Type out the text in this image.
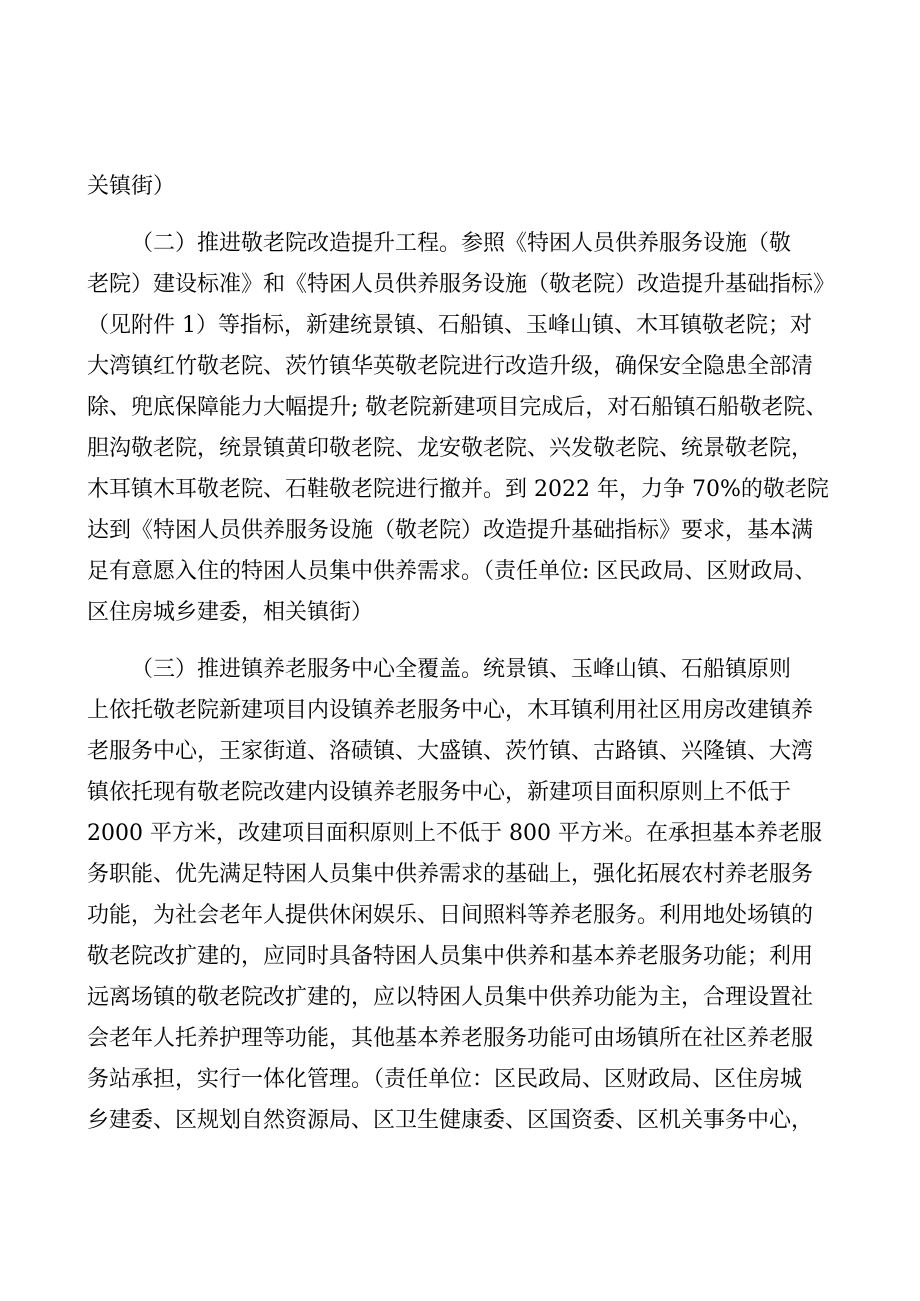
关镇街）
（二）推进敬老院改造提升工程。参照《特困人员供养服务设施（敬
老院）建设标准》和《特困人员供养服务设施（敬老院）改造提升基础指标》
（见附件 1）等指标，新建统景镇、石船镇、玉峰山镇、木耳镇敬老院；对
大湾镇红竹敬老院、茨竹镇华英敬老院进行改造升级，确保安全隐患全部清
除、兜底保障能力大幅提升; 敬老院新建项目完成后，对石船镇石船敬老院、
胆沟敬老院，统景镇黄印敬老院、龙安敬老院、兴发敬老院、统景敬老院，
木耳镇木耳敬老院、石鞋敬老院进行撤并。到 2022 年，力争 70%的敬老院
达到《特困人员供养服务设施（敬老院）改造提升基础指标》要求，基本满
足有意愿入住的特困人员集中供养需求。（责任单位: 区民政局、区财政局、
区住房城乡建委，相关镇街）
（三）推进镇养老服务中心全覆盖。统景镇、玉峰山镇、石船镇原则
上依托敬老院新建项目内设镇养老服务中心，木耳镇利用社区用房改建镇养
老服务中心，王家街道、洛碛镇、大盛镇、茨竹镇、古路镇、兴隆镇、大湾
镇依托现有敬老院改建内设镇养老服务中心，新建项目面积原则上不低于
2000 平方米，改建项目面积原则上不低于 800 平方米。在承担基本养老服
务职能、优先满足特困人员集中供养需求的基础上，强化拓展农村养老服务
功能，为社会老年人提供休闲娱乐、日间照料等养老服务。利用地处场镇的
敬老院改扩建的，应同时具备特困人员集中供养和基本养老服务功能；利用
远离场镇的敬老院改扩建的，应以特困人员集中供养功能为主，合理设置社
会老年人托养护理等功能，其他基本养老服务功能可由场镇所在社区养老服
务站承担，实行一体化管理。（责任单位：区民政局、区财政局、区住房城
乡建委、区规划自然资源局、区卫生健康委、区国资委、区机关事务中心，
